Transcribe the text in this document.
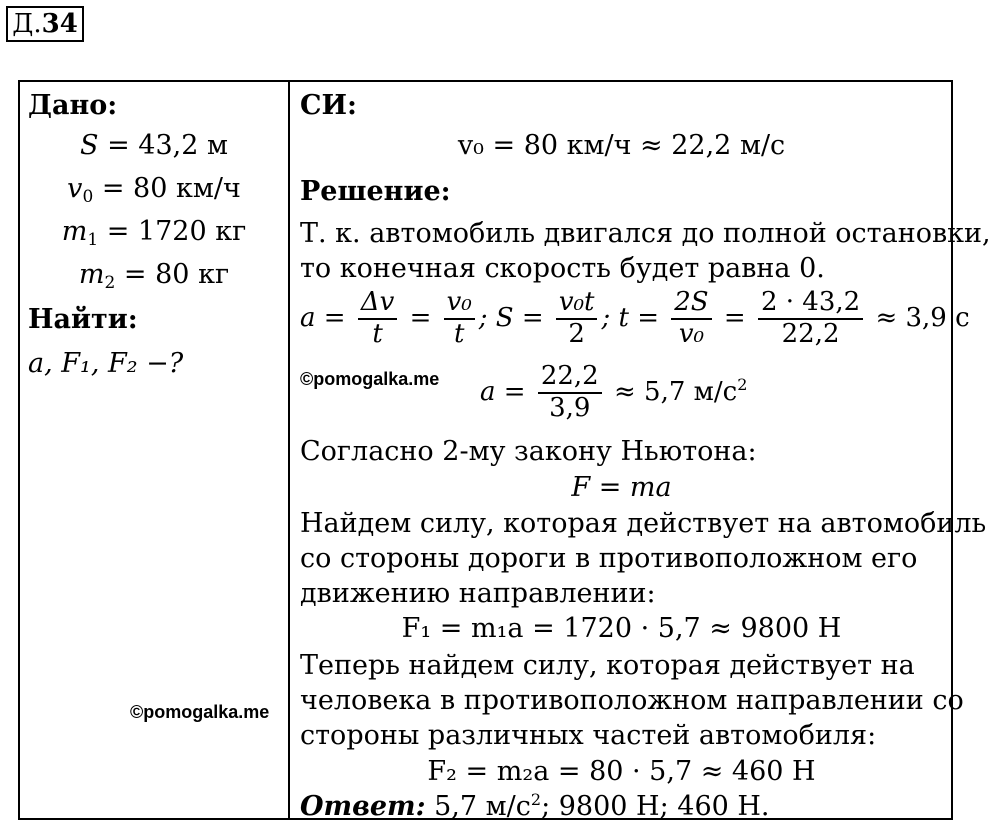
Д. 34
Дано:
S = 43,2 м
$v_0 = 80$ км/ч
$m_1 = 1720$ кг
$m_2 = 80$ кг
Найти:
a, F₁, F₂ −?
©pomogalka.me
СИ:
v₀ = 80 км/ч ≈ 22,2 м/с
Решение:
Т. к. автомобиль двигался до полной остановки,
то конечная скорость будет равна 0.
$a = \frac{\Delta v}{t} = \frac{\text{v₀}}{t}$ ; $S = \frac{\text{v₀t}}{2}$ ; $t = \frac{2S}{\text{v₀}} = \frac{2 \cdot 43,2}{22,2} \approx 3,9$ с
©pomogalka.me $a = \frac{22,2}{3,9} \approx 5,7$ $м/с^2$
Согласно 2-му закону Ньютона:
F = ma
Найдем силу, которая действует на автомобиль
со стороны дороги в противоположном его
движению направлении:
F₁ = m₁a = 1720 · 5,7 ≈ 9800 Н
Теперь найдем силу, которая действует на
человека в противоположном направлении со
стороны различных частей автомобиля:
F₂ = m₂a = 80 · 5,7 ≈ 460 Н
Ответ: 5,7 $м/с^2$; 9800 Н; 460 Н.
